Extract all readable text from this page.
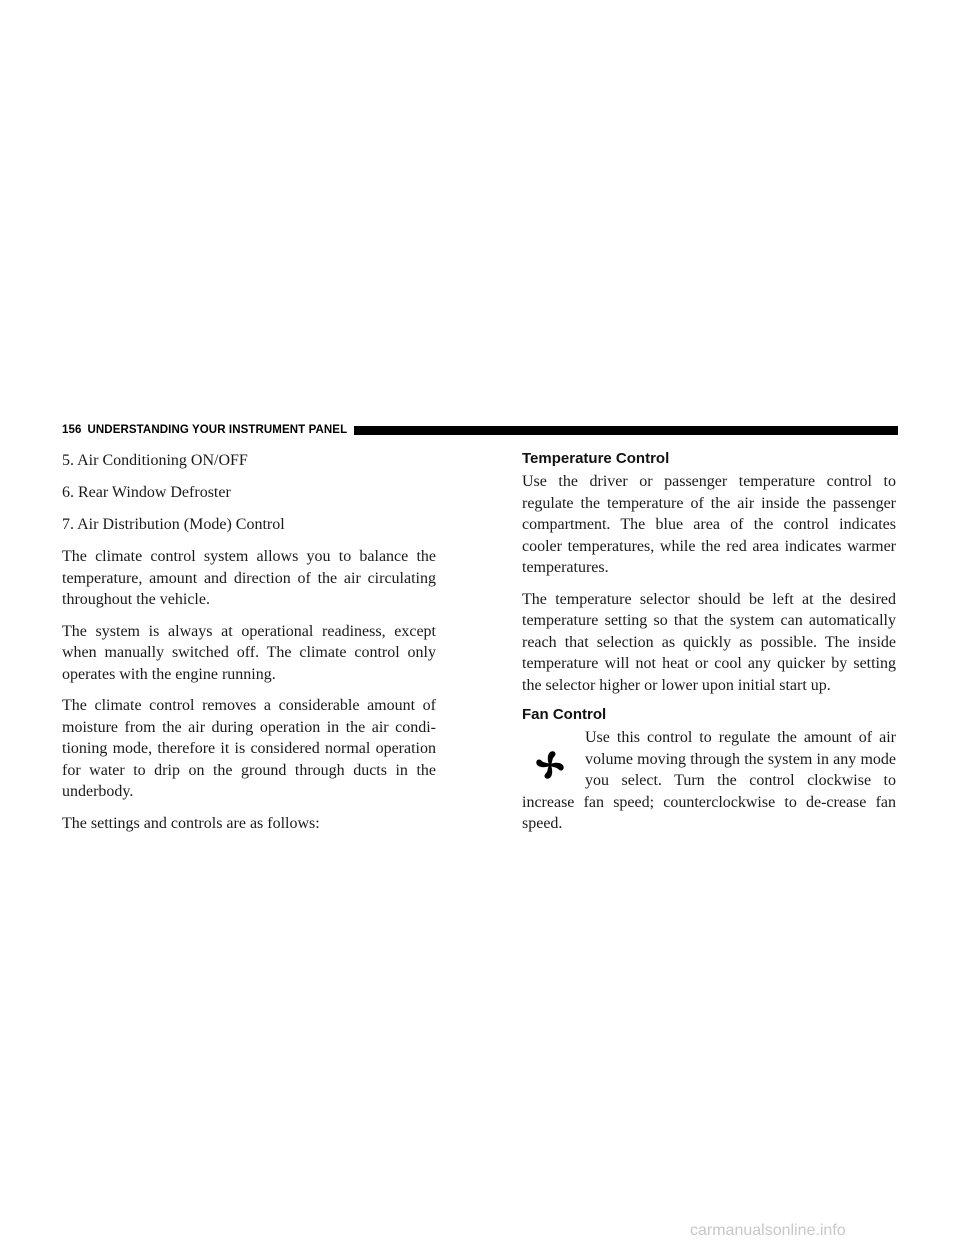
156 UNDERSTANDING YOUR INSTRUMENT PANEL
5. Air Conditioning ON/OFF
6. Rear Window Defroster
7. Air Distribution (Mode) Control

The climate control system allows you to balance the temperature, amount and direction of the air circulating throughout the vehicle.

The system is always at operational readiness, except when manually switched off. The climate control only operates with the engine running.

The climate control removes a considerable amount of moisture from the air during operation in the air condi-tioning mode, therefore it is considered normal operation for water to drip on the ground through ducts in the underbody.

The settings and controls are as follows:

Temperature Control

Use the driver or passenger temperature control to regulate the temperature of the air inside the passenger compartment. The blue area of the control indicates cooler temperatures, while the red area indicates warmer temperatures.

The temperature selector should be left at the desired temperature setting so that the system can automatically reach that selection as quickly as possible. The inside temperature will not heat or cool any quicker by setting the selector higher or lower upon initial start up.

Fan Control

Use this control to regulate the amount of air volume moving through the system in any mode you select. Turn the control clockwise to increase fan speed; counterclockwise to de-crease fan speed.

carmanualsonline.info
